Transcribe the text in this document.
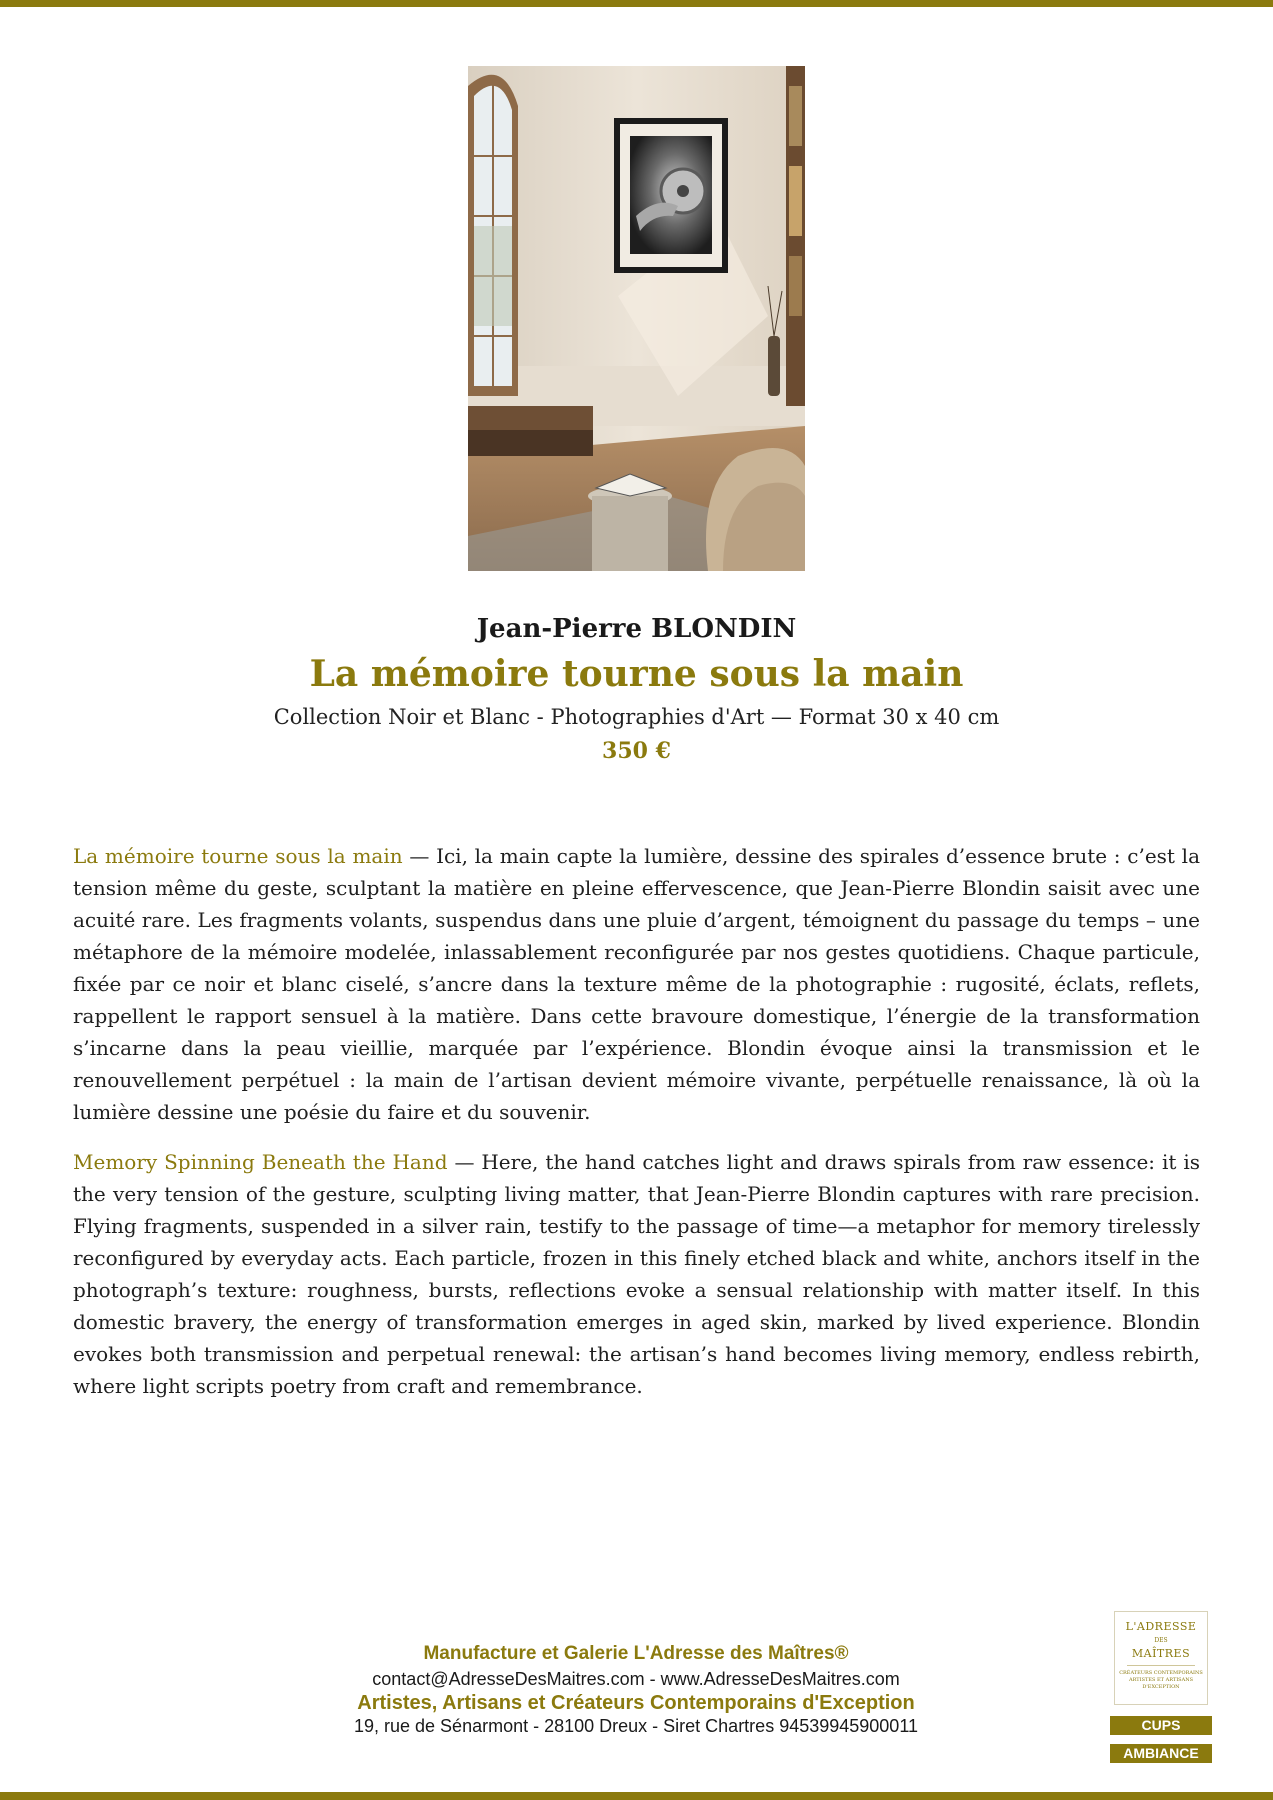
Jean-Pierre BLONDIN
La mémoire tourne sous la main
Collection Noir et Blanc - Photographies d'Art — Format 30 x 40 cm
350 €

La mémoire tourne sous la main — Ici, la main capte la lumière, dessine des spirales d’essence brute : c’est la tension même du geste, sculptant la matière en pleine effervescence, que Jean-Pierre Blondin saisit avec une acuité rare. Les fragments volants, suspendus dans une pluie d’argent, témoignent du passage du temps – une métaphore de la mémoire modelée, inlassablement reconfigurée par nos gestes quotidiens. Chaque particule, fixée par ce noir et blanc ciselé, s’ancre dans la texture même de la photographie : rugosité, éclats, reflets, rappellent le rapport sensuel à la matière. Dans cette bravoure domestique, l’énergie de la transformation s’incarne dans la peau vieillie, marquée par l’expérience. Blondin évoque ainsi la transmission et le renouvellement perpétuel : la main de l’artisan devient mémoire vivante, perpétuelle renaissance, là où la lumière dessine une poésie du faire et du souvenir.

Memory Spinning Beneath the Hand — Here, the hand catches light and draws spirals from raw essence: it is the very tension of the gesture, sculpting living matter, that Jean-Pierre Blondin captures with rare precision. Flying fragments, suspended in a silver rain, testify to the passage of time—a metaphor for memory tirelessly reconfigured by everyday acts. Each particle, frozen in this finely etched black and white, anchors itself in the photograph’s texture: roughness, bursts, reflections evoke a sensual relationship with matter itself. In this domestic bravery, the energy of transformation emerges in aged skin, marked by lived experience. Blondin evokes both transmission and perpetual renewal: the artisan’s hand becomes living memory, endless rebirth, where light scripts poetry from craft and remembrance.

Manufacture et Galerie L'Adresse des Maîtres®
contact@AdresseDesMaitres.com - www.AdresseDesMaitres.com
Artistes, Artisans et Créateurs Contemporains d'Exception
19, rue de Sénarmont - 28100 Dreux - Siret Chartres 94539945900011
L'ADRESSE
DES
MAÎTRES
CRÉATEURS CONTEMPORAINS ARTISTES ET ARTISANS D'EXCEPTION
CUPS
AMBIANCE
